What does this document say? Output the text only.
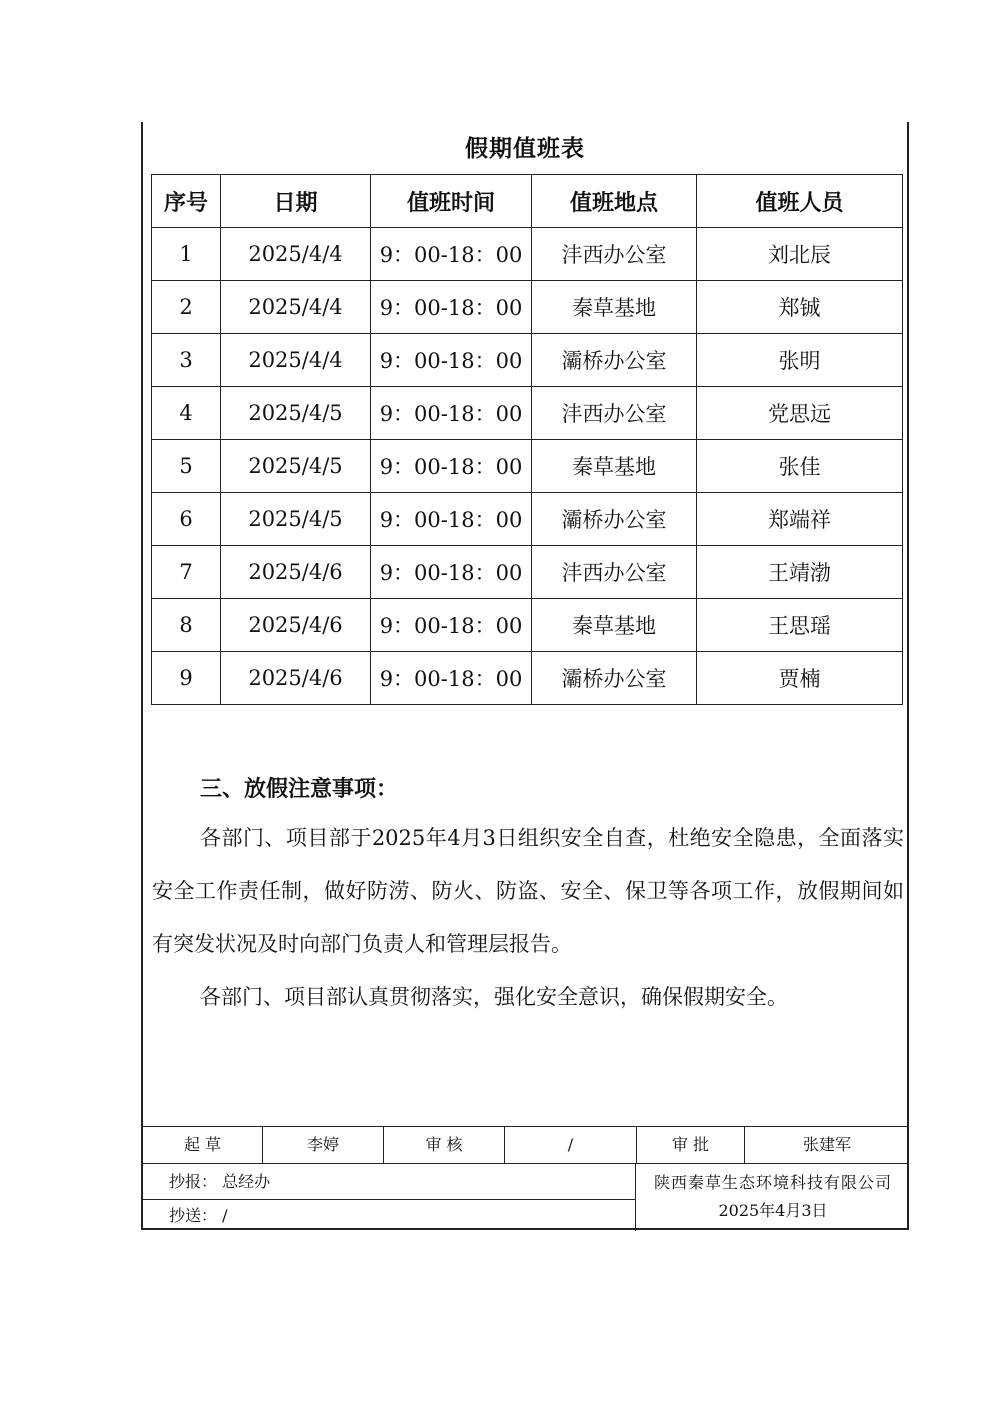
假期值班表
序号	日期	值班时间	值班地点	值班人员
1	2025/4/4	9：00-18：00	沣西办公室	刘北辰
2	2025/4/4	9：00-18：00	秦草基地	郑铖
3	2025/4/4	9：00-18：00	灞桥办公室	张明
4	2025/4/5	9：00-18：00	沣西办公室	党思远
5	2025/4/5	9：00-18：00	秦草基地	张佳
6	2025/4/5	9：00-18：00	灞桥办公室	郑端祥
7	2025/4/6	9：00-18：00	沣西办公室	王靖渤
8	2025/4/6	9：00-18：00	秦草基地	王思瑶
9	2025/4/6	9：00-18：00	灞桥办公室	贾楠
三、放假注意事项：
各部门、项目部于2025年4月3日组织安全自查，杜绝安全隐患，全面落实安全工作责任制，做好防涝、防火、防盗、安全、保卫等各项工作，放假期间如有突发状况及时向部门负责人和管理层报告。
各部门、项目部认真贯彻落实，强化安全意识，确保假期安全。
起 草	李婷	审 核	/	审 批	张建军
抄报： 总经办
抄送： /
陕西秦草生态环境科技有限公司
2025年4月3日
